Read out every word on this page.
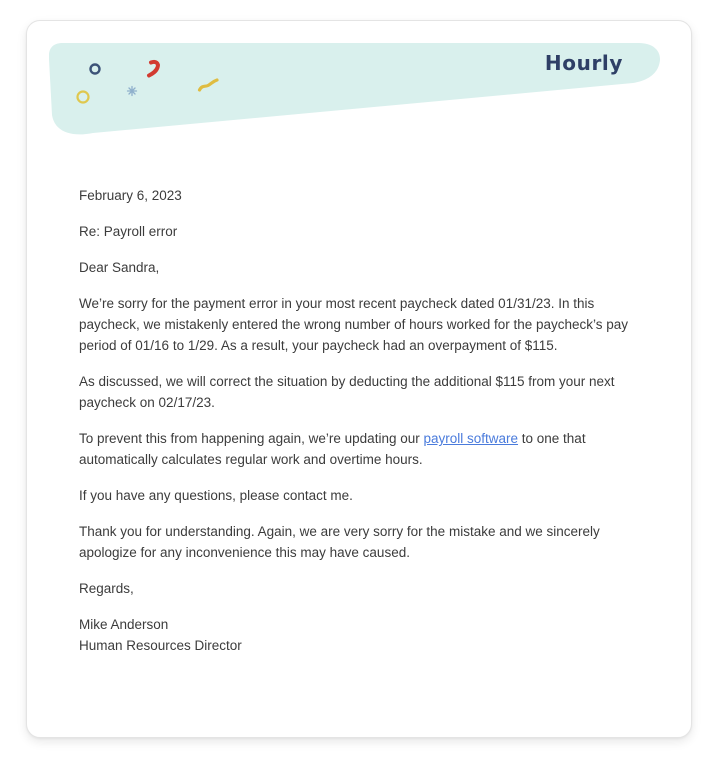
Hourly

February 6, 2023

Re: Payroll error

Dear Sandra,

We’re sorry for the payment error in your most recent paycheck dated 01/31/23. In this paycheck, we mistakenly entered the wrong number of hours worked for the paycheck’s pay period of 01/16 to 1/29. As a result, your paycheck had an overpayment of $115.

As discussed, we will correct the situation by deducting the additional $115 from your next paycheck on 02/17/23.

To prevent this from happening again, we’re updating our payroll software to one that automatically calculates regular work and overtime hours.

If you have any questions, please contact me.

Thank you for understanding. Again, we are very sorry for the mistake and we sincerely apologize for any inconvenience this may have caused.

Regards,

Mike Anderson

Human Resources Director
